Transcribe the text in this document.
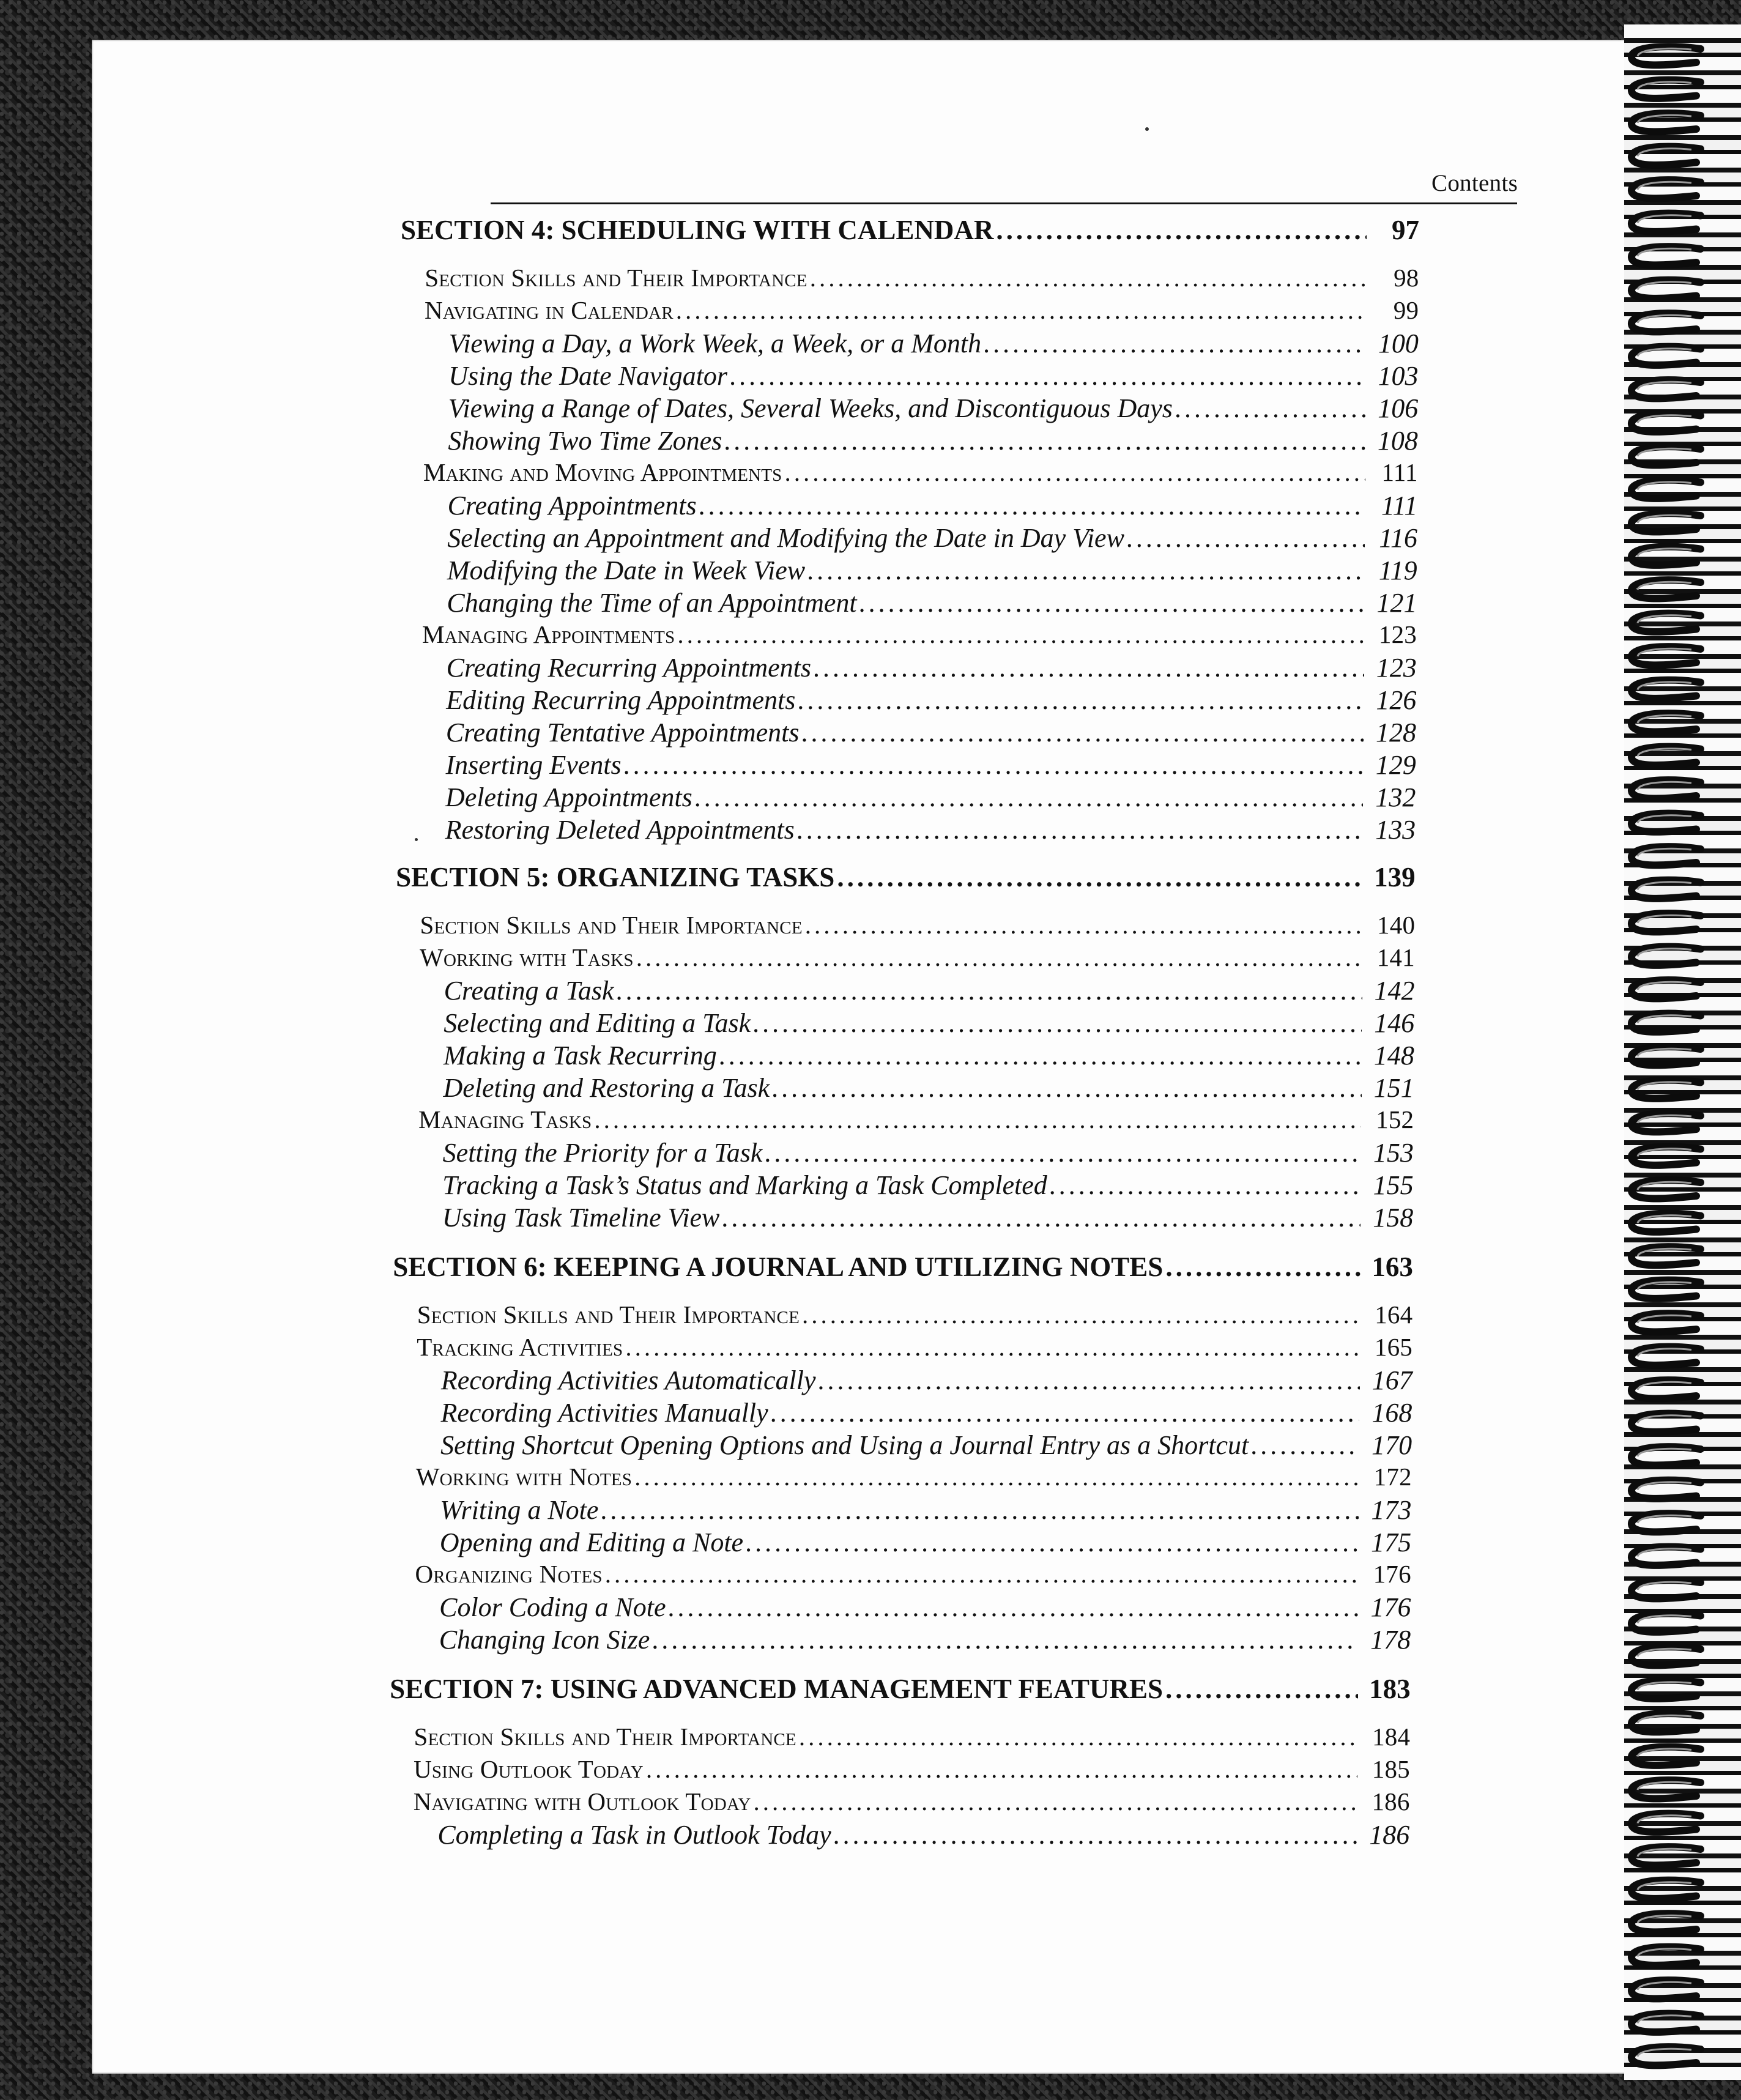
Contents
SECTION 4: SCHEDULING WITH CALENDAR .....	97
Section Skills and Their Importance .....	98
Navigating in Calendar .....	99
Viewing a Day, a Work Week, a Week, or a Month .....	100
Using the Date Navigator .....	103
Viewing a Range of Dates, Several Weeks, and Discontiguous Days .....	106
Showing Two Time Zones .....	108
Making and Moving Appointments .....	111
Creating Appointments .....	111
Selecting an Appointment and Modifying the Date in Day View .....	116
Modifying the Date in Week View .....	119
Changing the Time of an Appointment .....	121
Managing Appointments .....	123
Creating Recurring Appointments .....	123
Editing Recurring Appointments .....	126
Creating Tentative Appointments .....	128
Inserting Events .....	129
Deleting Appointments .....	132
Restoring Deleted Appointments .....	133
SECTION 5: ORGANIZING TASKS .....	139
Section Skills and Their Importance .....	140
Working with Tasks .....	141
Creating a Task .....	142
Selecting and Editing a Task .....	146
Making a Task Recurring .....	148
Deleting and Restoring a Task .....	151
Managing Tasks .....	152
Setting the Priority for a Task .....	153
Tracking a Task’s Status and Marking a Task Completed .....	155
Using Task Timeline View .....	158
SECTION 6: KEEPING A JOURNAL AND UTILIZING NOTES .....	163
Section Skills and Their Importance .....	164
Tracking Activities .....	165
Recording Activities Automatically .....	167
Recording Activities Manually .....	168
Setting Shortcut Opening Options and Using a Journal Entry as a Shortcut .....	170
Working with Notes .....	172
Writing a Note .....	173
Opening and Editing a Note .....	175
Organizing Notes .....	176
Color Coding a Note .....	176
Changing Icon Size .....	178
SECTION 7: USING ADVANCED MANAGEMENT FEATURES .....	183
Section Skills and Their Importance .....	184
Using Outlook Today .....	185
Navigating with Outlook Today .....	186
Completing a Task in Outlook Today .....	186
